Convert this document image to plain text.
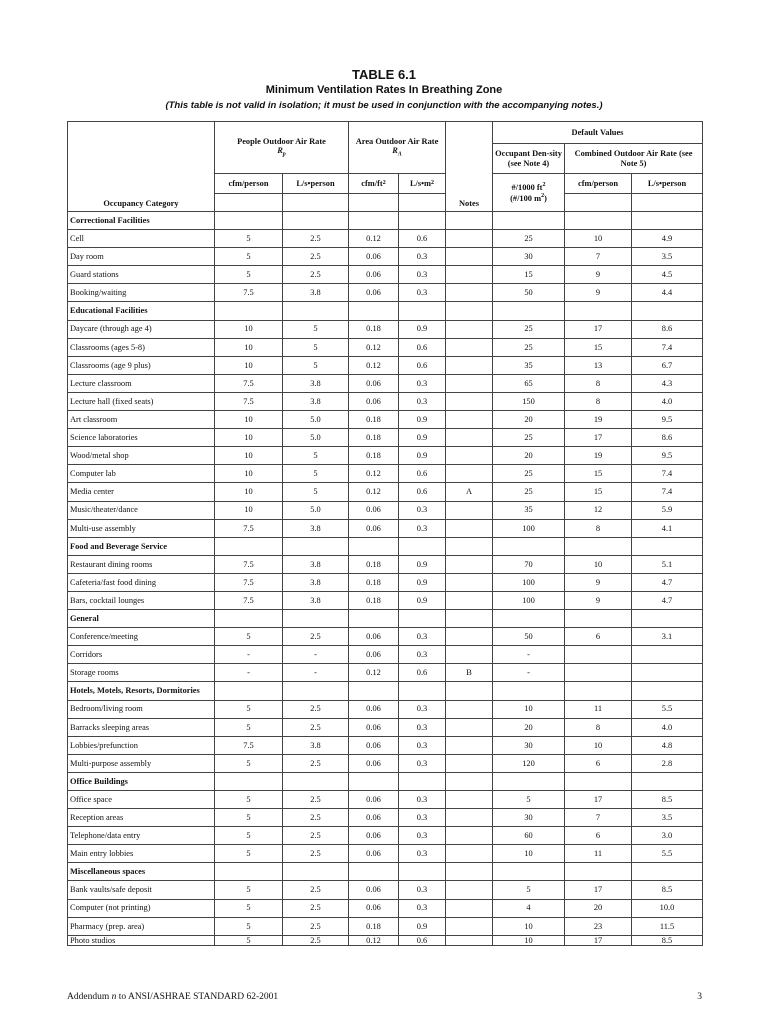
TABLE 6.1
Minimum Ventilation Rates In Breathing Zone
(This table is not valid in isolation; it must be used in conjunction with the accompanying notes.)
Occupancy Category
People Outdoor Air Rate
$R_p$
Area Outdoor Air Rate
$R_A$
Notes
Default Values
Occupant Den-sity (see Note 4)
Combined Outdoor Air Rate (see Note 5)
cfm/person	L/s•person	cfm/ft 2	L/s•m 2
#/1000 $ft^2$
(#/100 $m^2$)
cfm/person	L/s•person
Correctional Facilities
Cell	5	2.5	0.12	0.6	25	10	4.9
Day room	5	2.5	0.06	0.3	30	7	3.5
Guard stations	5	2.5	0.06	0.3	15	9	4.5
Booking/waiting	7.5	3.8	0.06	0.3	50	9	4.4
Educational Facilities
Daycare (through age 4)	10	5	0.18	0.9	25	17	8.6
Classrooms (ages 5-8)	10	5	0.12	0.6	25	15	7.4
Classrooms (age 9 plus)	10	5	0.12	0.6	35	13	6.7
Lecture classroom	7.5	3.8	0.06	0.3	65	8	4.3
Lecture hall (fixed seats)	7.5	3.8	0.06	0.3	150	8	4.0
Art classroom	10	5.0	0.18	0.9	20	19	9.5
Science laboratories	10	5.0	0.18	0.9	25	17	8.6
Wood/metal shop	10	5	0.18	0.9	20	19	9.5
Computer lab	10	5	0.12	0.6	25	15	7.4
Media center	10	5	0.12	0.6	A	25	15	7.4
Music/theater/dance	10	5.0	0.06	0.3	35	12	5.9
Multi-use assembly	7.5	3.8	0.06	0.3	100	8	4.1
Food and Beverage Service
Restaurant dining rooms	7.5	3.8	0.18	0.9	70	10	5.1
Cafeteria/fast food dining	7.5	3.8	0.18	0.9	100	9	4.7
Bars, cocktail lounges	7.5	3.8	0.18	0.9	100	9	4.7
General
Conference/meeting	5	2.5	0.06	0.3	50	6	3.1
Corridors	-	-	0.06	0.3	-
Storage rooms	-	-	0.12	0.6	B	-
Hotels, Motels, Resorts, Dormitories
Bedroom/living room	5	2.5	0.06	0.3	10	11	5.5
Barracks sleeping areas	5	2.5	0.06	0.3	20	8	4.0
Lobbies/prefunction	7.5	3.8	0.06	0.3	30	10	4.8
Multi-purpose assembly	5	2.5	0.06	0.3	120	6	2.8
Office Buildings
Office space	5	2.5	0.06	0.3	5	17	8.5
Reception areas	5	2.5	0.06	0.3	30	7	3.5
Telephone/data entry	5	2.5	0.06	0.3	60	6	3.0
Main entry lobbies	5	2.5	0.06	0.3	10	11	5.5
Miscellaneous spaces
Bank vaults/safe deposit	5	2.5	0.06	0.3	5	17	8.5
Computer (not printing)	5	2.5	0.06	0.3	4	20	10.0
Pharmacy (prep. area)	5	2.5	0.18	0.9	10	23	11.5
Photo studios	5	2.5	0.12	0.6	10	17	8.5
Addendum n to ANSI/ASHRAE STANDARD 62-2001	3
